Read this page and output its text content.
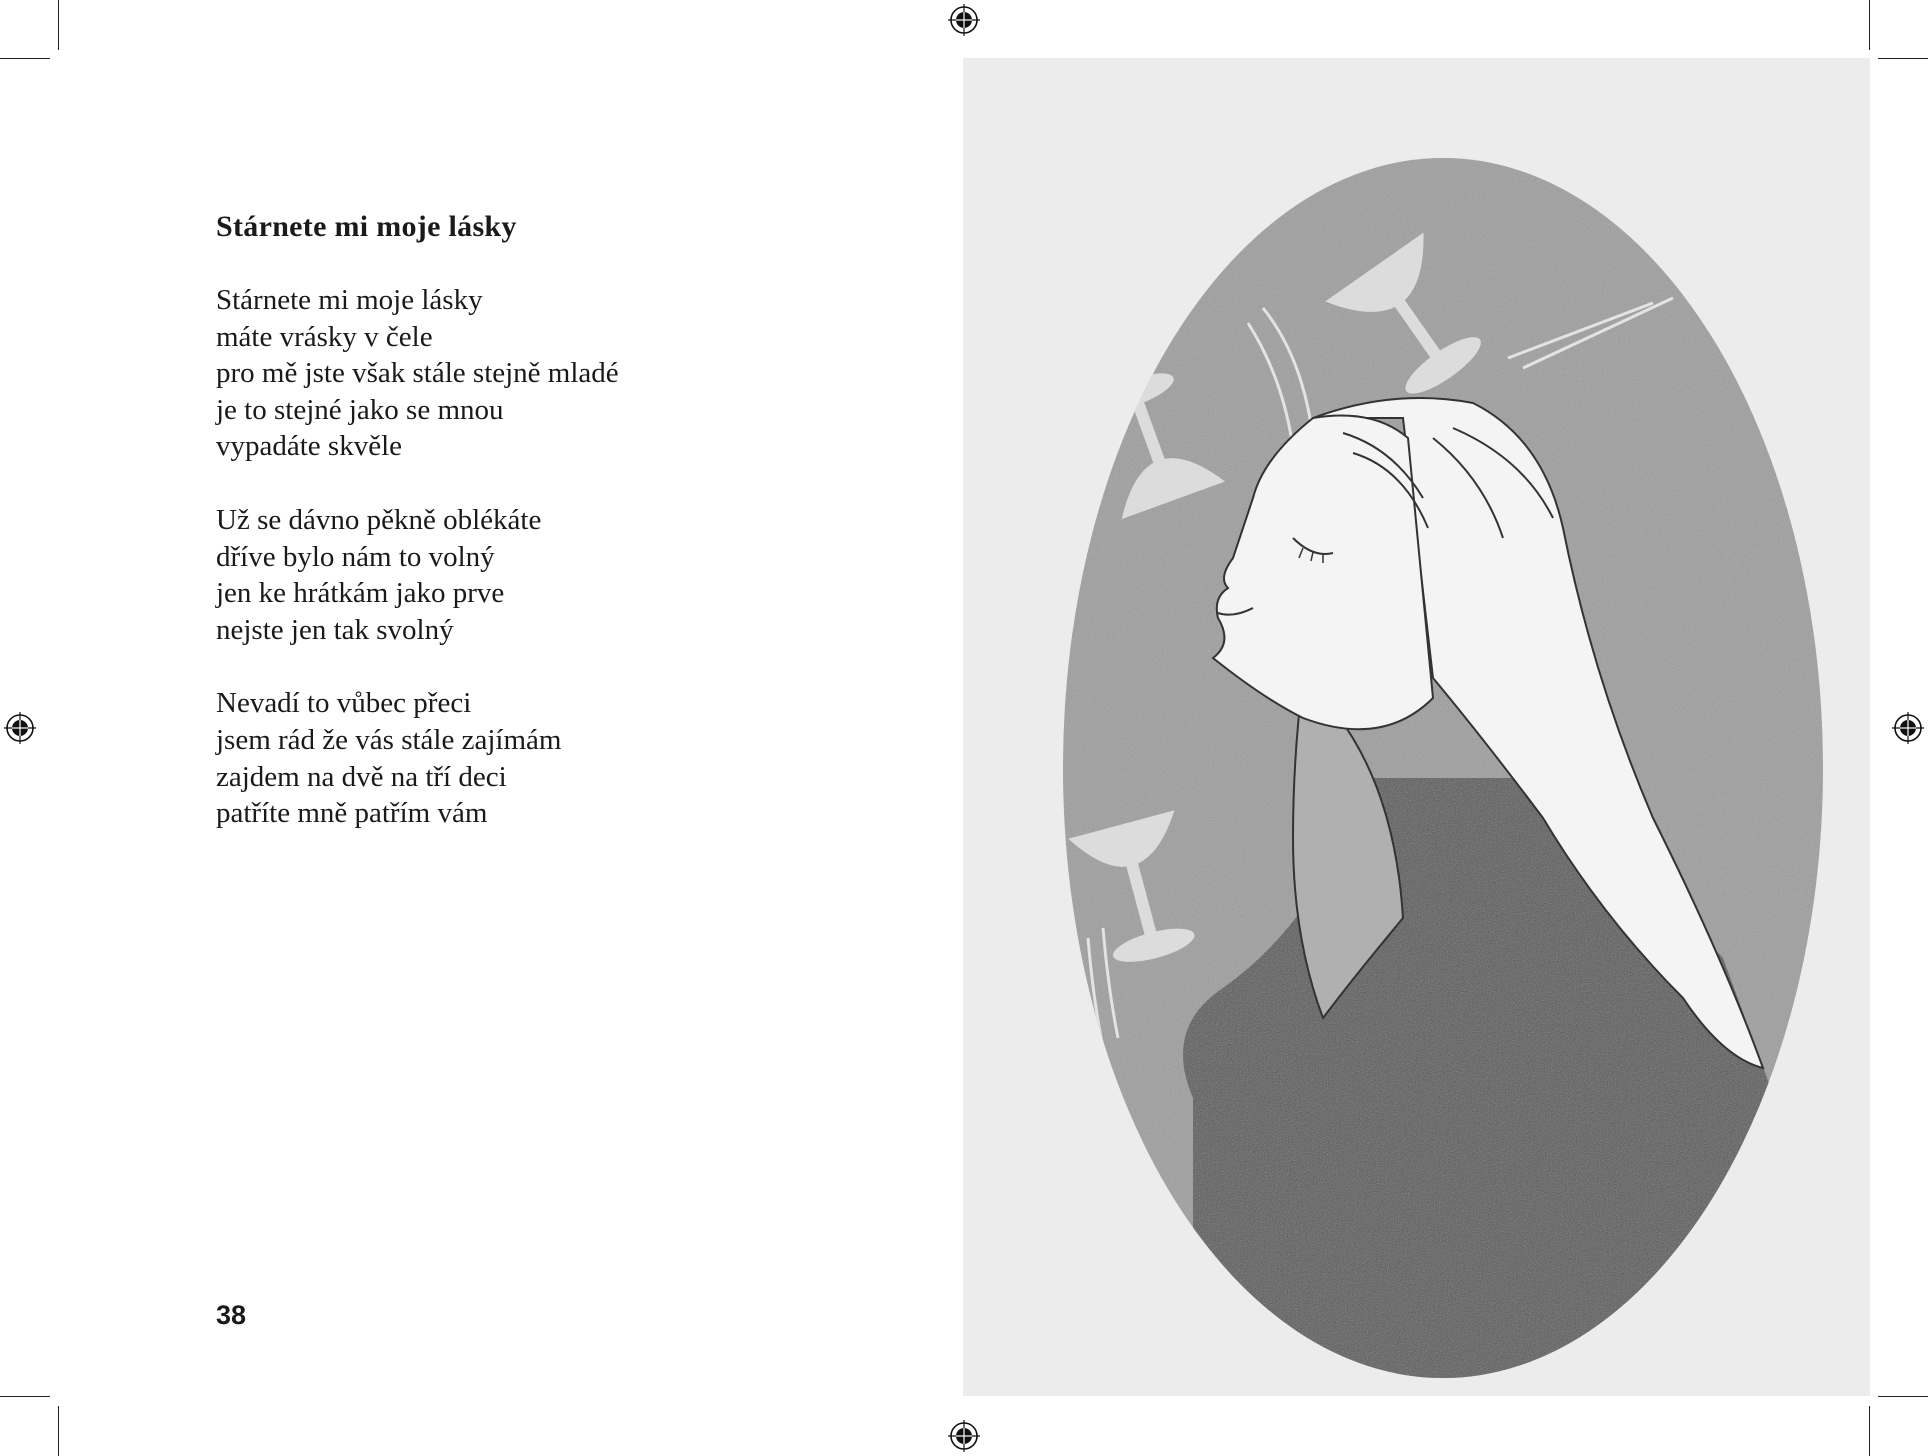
Stárnete mi moje lásky

Stárnete mi moje lásky
máte vrásky v čele
pro mě jste však stále stejně mladé
je to stejné jako se mnou
vypadáte skvěle

Už se dávno pěkně oblékáte
dříve bylo nám to volný
jen ke hrátkám jako prve
nejste jen tak svolný

Nevadí to vůbec přeci
jsem rád že vás stále zajímám
zajdem na dvě na tří deci
patříte mně patřím vám

38
